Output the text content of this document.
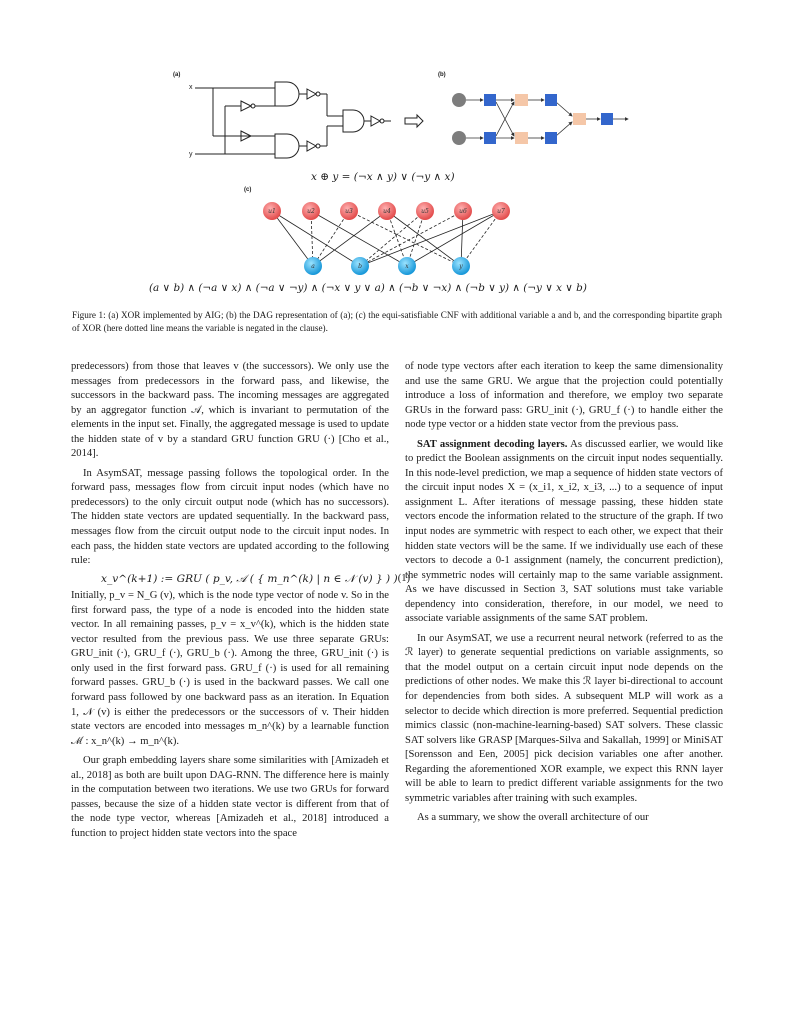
(a)	(b)
(c)
x
y
x ⊕ y = (¬x ∧ y) ∨ (¬y ∧ x)
u1	u2	u3	u4	u5	u6	u7
a	b	x	y
(a ∨ b) ∧ (¬a ∨ x) ∧ (¬a ∨ ¬y) ∧ (¬x ∨ y ∨ a) ∧ (¬b ∨ ¬x) ∧ (¬b ∨ y) ∧ (¬y ∨ x ∨ b)
Figure 1: (a) XOR implemented by AIG; (b) the DAG representation of (a); (c) the equi-satisfiable CNF with additional variable a and b, and the corresponding bipartite graph of XOR (here dotted line means the variable is negated in the clause).

predecessors) from those that leaves v (the successors). We only use the messages from predecessors in the forward pass, and likewise, the successors in the backward pass. The incoming messages are aggregated by an aggregator function 𝒜, which is invariant to permutation of the elements in the input set. Finally, the aggregated message is used to update the hidden state of v by a standard GRU function GRU (·) [Cho et al., 2014].

In AsymSAT, message passing follows the topological order. In the forward pass, messages flow from circuit input nodes (which have no predecessors) to the only circuit output node (which has no successors). The hidden state vectors are updated sequentially. In the backward pass, messages flow from the circuit output node to the circuit input nodes. In each pass, the hidden state vectors are updated according to the following rule:

x_v^(k+1) := GRU ( p_v, 𝒜 ( { m_n^(k) | n ∈ 𝒩 (v) } ) ) (1)

Initially, p_v = N_G (v), which is the node type vector of node v. So in the first forward pass, the type of a node is encoded into the hidden state vector. In all remaining passes, p_v = x_v^(k), which is the hidden state vector resulted from the previous pass. We use three separate GRUs: GRU_init (·), GRU_f (·), GRU_b (·). Among the three, GRU_init (·) is only used in the first forward pass. GRU_f (·) is used for all remaining forward passes. GRU_b (·) is used in the backward passes. We call one forward pass followed by one backward pass as an iteration. In Equation 1, 𝒩 (v) is either the predecessors or the successors of v. Their hidden state vectors are encoded into messages m_n^(k) by a learnable function ℳ : x_n^(k) → m_n^(k).

Our graph embedding layers share some similarities with [Amizadeh et al., 2018] as both are built upon DAG-RNN. The difference here is mainly in the computation between two iterations. We use two GRUs for forward passes, because the size of a hidden state vector is different from that of the node type vector, whereas [Amizadeh et al., 2018] introduced a function to project hidden state vectors into the space

of node type vectors after each iteration to keep the same dimensionality and use the same GRU. We argue that the projection could potentially introduce a loss of information and therefore, we employ two separate GRUs in the forward pass: GRU_init (·), GRU_f (·) to handle either the node type vector or a hidden state vector from the previous pass.

SAT assignment decoding layers. As discussed earlier, we would like to predict the Boolean assignments on the circuit input nodes sequentially. In this node-level prediction, we map a sequence of hidden state vectors of the circuit input nodes X = (x_i1, x_i2, x_i3, ...) to a sequence of input assignment L. After iterations of message passing, these hidden state vectors encode the information related to the structure of the graph. If two input nodes are symmetric with respect to each other, we expect that their hidden state vectors will be the same. If we individually use each of these vectors to decode a 0-1 assignment (namely, the concurrent prediction), the symmetric nodes will certainly map to the same variable assignment. As we have discussed in Section 3, SAT solutions must take variable dependency into consideration, therefore, in our model, we need to associate variable assignments of the same SAT problem.

In our AsymSAT, we use a recurrent neural network (referred to as the ℛ layer) to generate sequential predictions on variable assignments, so that the model output on a certain circuit input node depends on the predictions of other nodes. We make this ℛ layer bi-directional to account for dependencies from both sides. A subsequent MLP will work as a selector to decide which direction is more preferred. Sequential prediction mimics classic (non-machine-learning-based) SAT solvers. These classic SAT solvers like GRASP [Marques-Silva and Sakallah, 1999] or MiniSAT [Sorensson and Een, 2005] pick decision variables one after another. Regarding the aforementioned XOR example, we expect this RNN layer will be able to learn to predict different variable assignments for the two symmetric variables after training with such examples.

As a summary, we show the overall architecture of our
